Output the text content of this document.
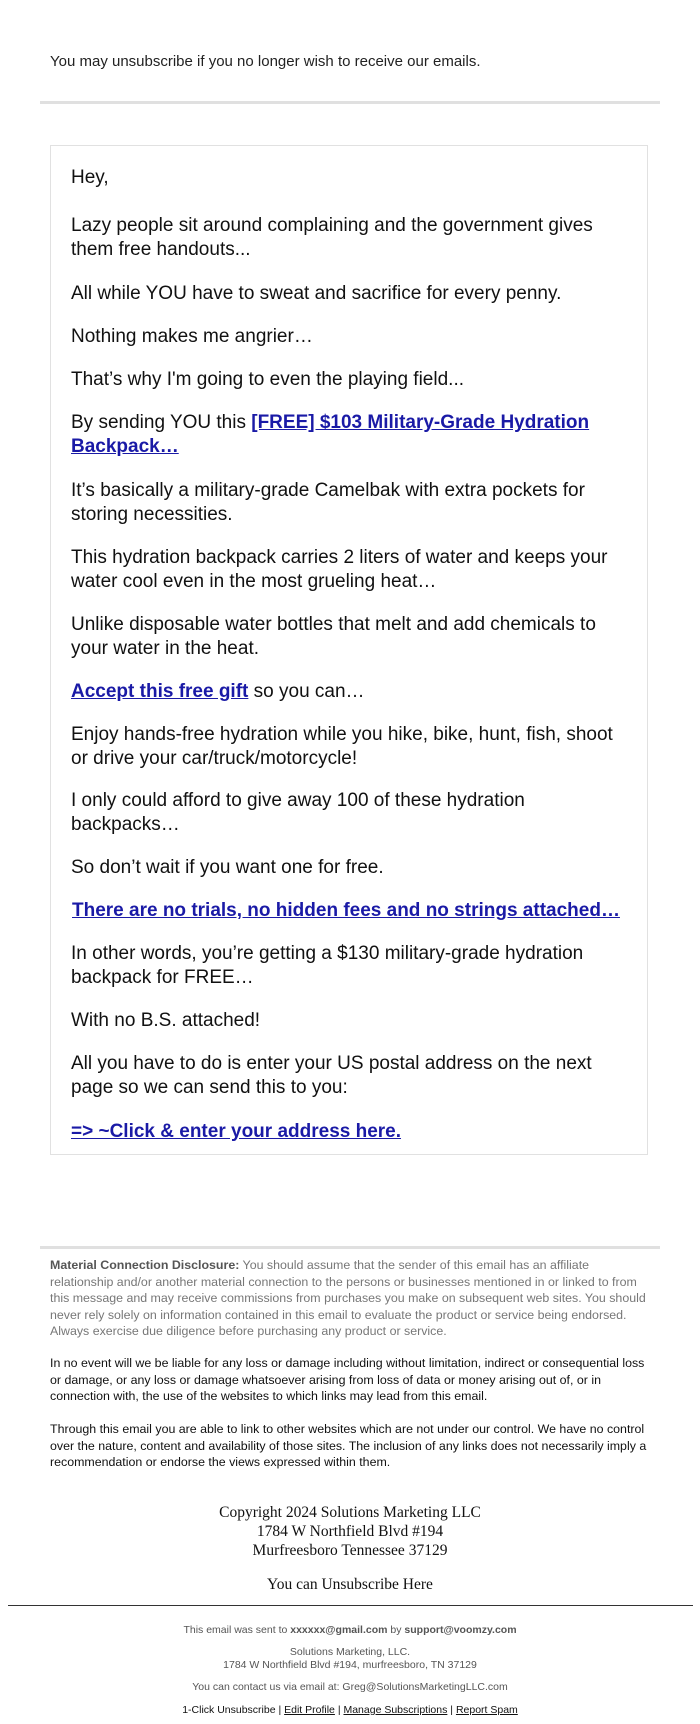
You may unsubscribe if you no longer wish to receive our emails.

Hey,

Lazy people sit around complaining and the government gives them free handouts...

All while YOU have to sweat and sacrifice for every penny.

Nothing makes me angrier…

That’s why I'm going to even the playing field...

By sending YOU this [FREE] $103 Military-Grade Hydration Backpack…

It’s basically a military-grade Camelbak with extra pockets for storing necessities.

This hydration backpack carries 2 liters of water and keeps your water cool even in the most grueling heat…

Unlike disposable water bottles that melt and add chemicals to your water in the heat.

Accept this free gift so you can…

Enjoy hands-free hydration while you hike, bike, hunt, fish, shoot or drive your car/truck/motorcycle!

I only could afford to give away 100 of these hydration backpacks…

So don’t wait if you want one for free.

There are no trials, no hidden fees and no strings attached…

In other words, you’re getting a $130 military-grade hydration backpack for FREE…

With no B.S. attached!

All you have to do is enter your US postal address on the next page so we can send this to you:

=> ~Click & enter your address here.

Material Connection Disclosure: You should assume that the sender of this email has an affiliate relationship and/or another material connection to the persons or businesses mentioned in or linked to from this message and may receive commissions from purchases you make on subsequent web sites. You should never rely solely on information contained in this email to evaluate the product or service being endorsed. Always exercise due diligence before purchasing any product or service.

In no event will we be liable for any loss or damage including without limitation, indirect or consequential loss or damage, or any loss or damage whatsoever arising from loss of data or money arising out of, or in connection with, the use of the websites to which links may lead from this email.

Through this email you are able to link to other websites which are not under our control. We have no control over the nature, content and availability of those sites. The inclusion of any links does not necessarily imply a recommendation or endorse the views expressed within them.

Copyright 2024 Solutions Marketing LLC
1784 W Northfield Blvd #194
Murfreesboro Tennessee 37129
You can Unsubscribe Here
This email was sent to xxxxxx@gmail.com by support@voomzy.com
Solutions Marketing, LLC.
1784 W Northfield Blvd #194, murfreesboro, TN 37129
You can contact us via email at: Greg@SolutionsMarketingLLC.com
1-Click Unsubscribe | Edit Profile | Manage Subscriptions | Report Spam
